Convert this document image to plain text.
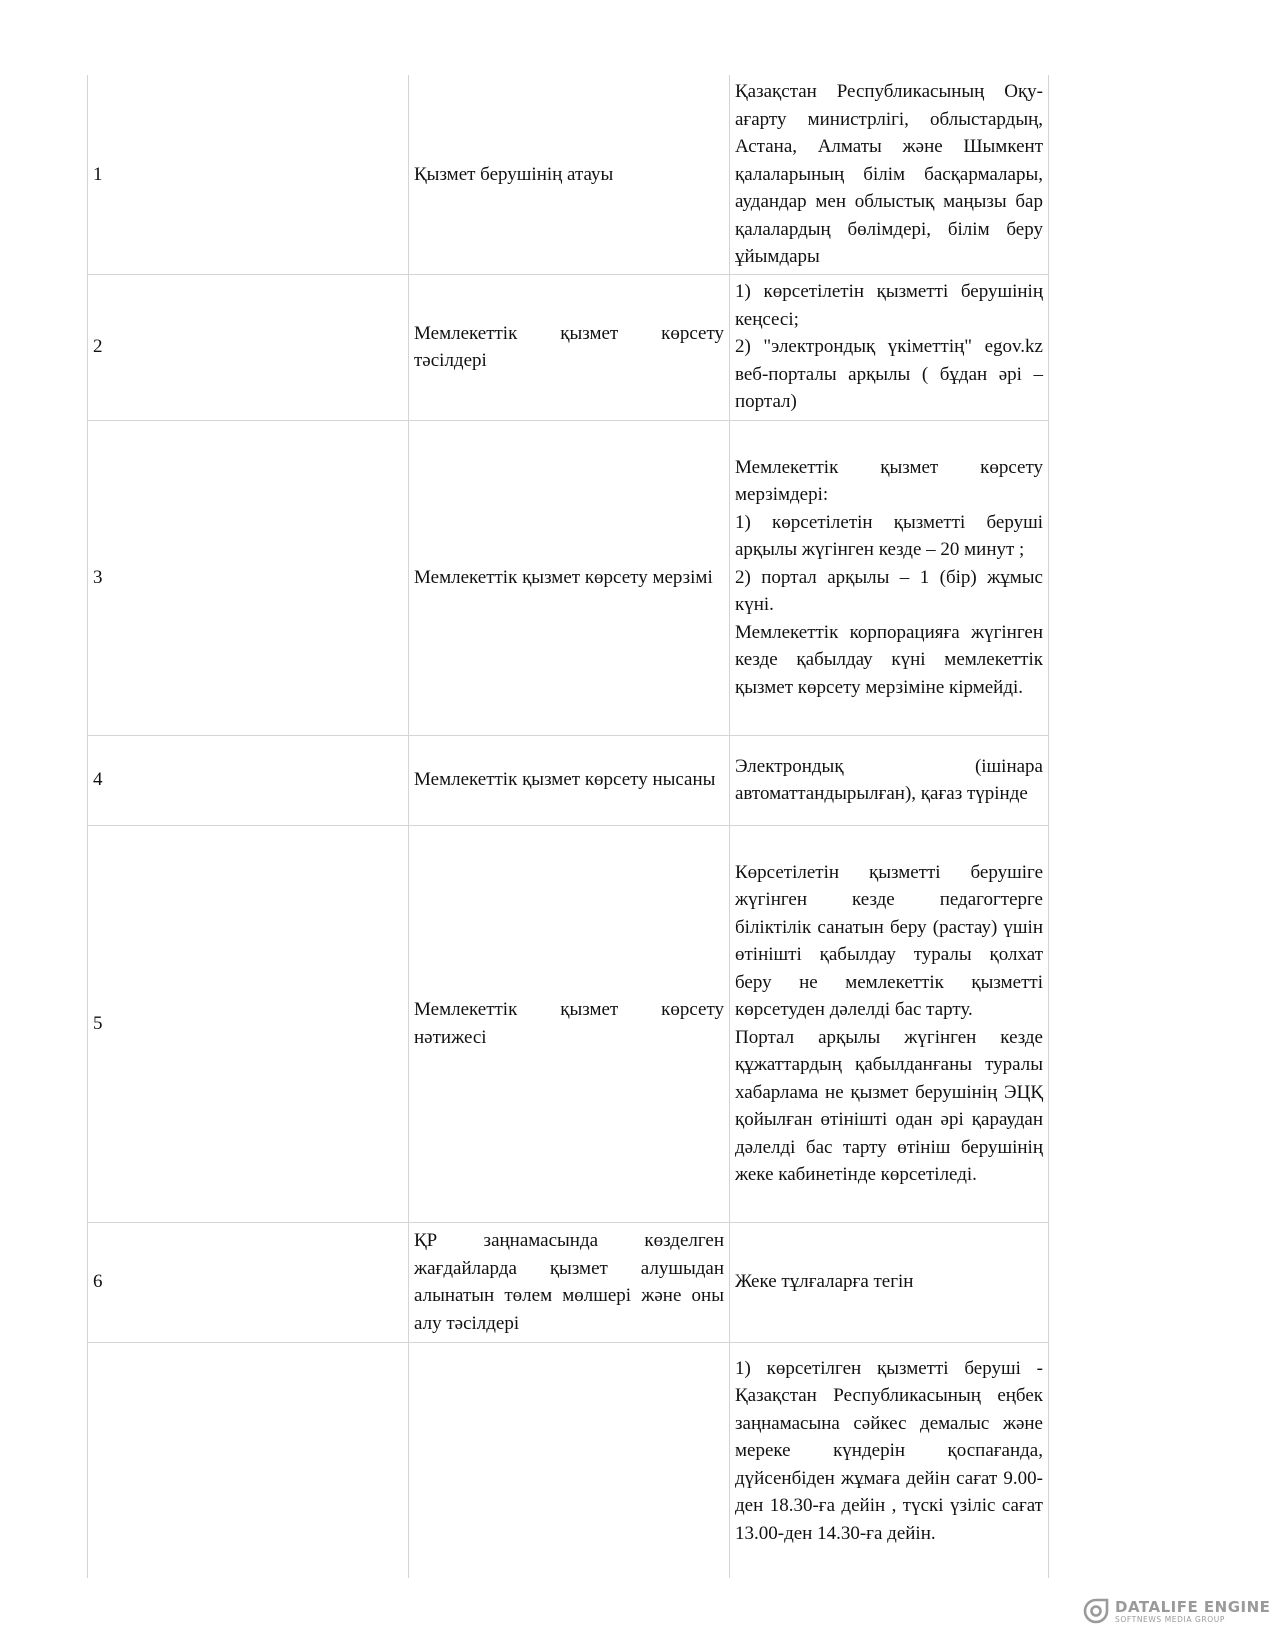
1	Қызмет берушінің атауы	Қазақстан Республикасының Оқу-ағарту министрлігі, облыстардың, Астана, Алматы және Шымкент қалаларының білім басқармалары, аудандар мен облыстық маңызы бар қалалардың бөлімдері, білім беру ұйымдары

2	Мемлекеттік қызмет көрсету тәсілдері	1) көрсетілетін қызметті берушінің кеңсесі;

2) "электрондық үкіметтің" egov.kz веб-порталы арқылы ( бұдан әрі – портал)

3	Мемлекеттік қызмет көрсету мерзімі	Мемлекеттік қызмет көрсету мерзімдері:

1) көрсетілетін қызметті беруші арқылы жүгінген кезде – 20 минут ;

2) портал арқылы – 1 (бір) жұмыс күні.

Мемлекеттік корпорацияға жүгінген кезде қабылдау күні мемлекеттік қызмет көрсету мерзіміне кірмейді.

4	Мемлекеттік қызмет көрсету нысаны	Электрондық (ішінара автоматтандырылған), қағаз түрінде

5	Мемлекеттік қызмет көрсету нәтижесі	Көрсетілетін қызметті берушіге жүгінген кезде педагогтерге біліктілік санатын беру (растау) үшін өтінішті қабылдау туралы қолхат беру не мемлекеттік қызметті көрсетуден дәлелді бас тарту.

Портал арқылы жүгінген кезде құжаттардың қабылданғаны туралы хабарлама не қызмет берушінің ЭЦҚ қойылған өтінішті одан әрі қараудан дәлелді бас тарту өтініш берушінің жеке кабинетінде көрсетіледі.

6	ҚР заңнамасында көзделген жағдайларда қызмет алушыдан алынатын төлем мөлшері және оны алу тәсілдері	Жеке тұлғаларға тегін

		1) көрсетілген қызметті беруші - Қазақстан Республикасының еңбек заңнамасына сәйкес демалыс және мереке күндерін қоспағанда, дүйсенбіден жұмаға дейін сағат 9.00-ден 18.30-ға дейін , түскі үзіліс сағат 13.00-ден 14.30-ға дейін.

DATALIFE ENGINE
SOFTNEWS MEDIA GROUP
